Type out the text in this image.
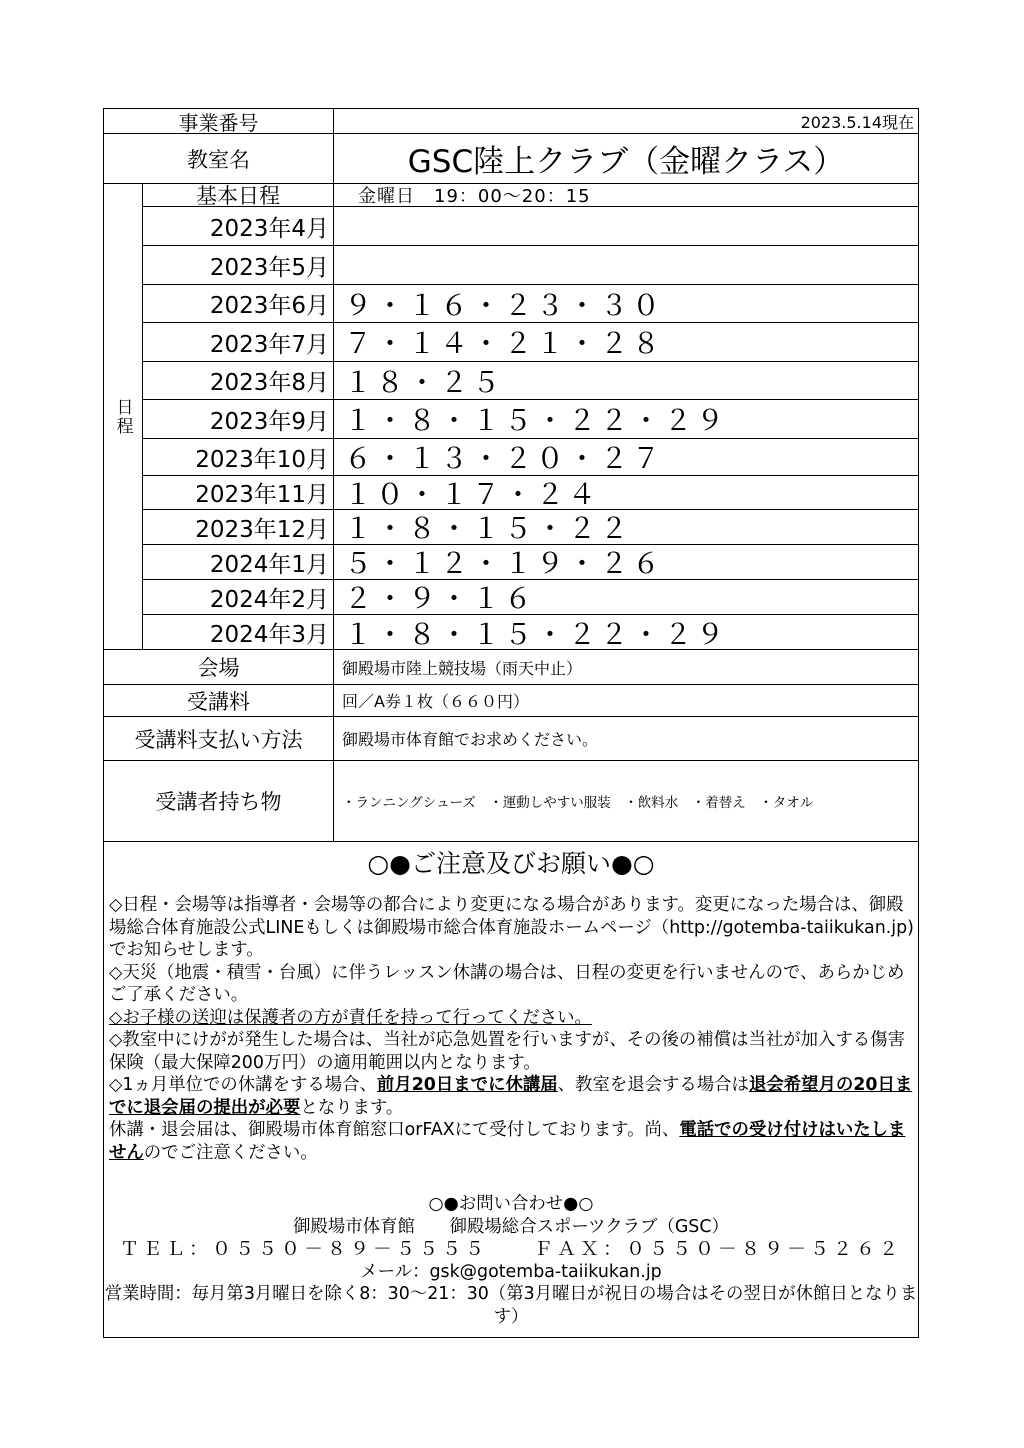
事業番号	2023.5.14現在
教室名	GSC陸上クラブ（金曜クラス）
日程
基本日程	金曜日　19：00～20：15
2023年4月
2023年5月
2023年6月 ９・１６・２３・３０
2023年7月 ７・１４・２１・２８
2023年8月 １８・２５
2023年9月 １・８・１５・２２・２９
2023年10月 ６・１３・２０・２７
2023年11月 １０・１７・２４
2023年12月 １・８・１５・２２
2024年1月 ５・１２・１９・２６
2024年2月 ２・９・１６
2024年3月 １・８・１５・２２・２９
会場	御殿場市陸上競技場（雨天中止）
受講料	回／A券１枚（６６０円）
受講料支払い方法	御殿場市体育館でお求めください。
受講者持ち物	・ランニングシューズ　・運動しやすい服装　・飲料水　・着替え　・タオル
○●ご注意及びお願い●○

◇日程・会場等は指導者・会場等の都合により変更になる場合があります。変更になった場合は、御殿場総合体育施設公式LINEもしくは御殿場市総合体育施設ホームページ（http://gotemba-taiikukan.jp)でお知らせします。

◇天災（地震・積雪・台風）に伴うレッスン休講の場合は、日程の変更を行いませんので、あらかじめご了承ください。

◇お子様の送迎は保護者の方が責任を持って行ってください。

◇教室中にけがが発生した場合は、当社が応急処置を行いますが、その後の補償は当社が加入する傷害保険（最大保障200万円）の適用範囲以内となります。

◇1ヵ月単位での休講をする場合、前月20日までに休講届、教室を退会する場合は退会希望月の20日までに退会届の提出が必要となります。

休講・退会届は、御殿場市体育館窓口orFAXにて受付しております。尚、電話での受け付けはいたしませんのでご注意ください。

○●お問い合わせ●○

御殿場市体育館　　御殿場総合スポーツクラブ（GSC）

ＴＥＬ：０５５０－８９－５５５５　　ＦＡＸ：０５５０－８９－５２６２

メール：gsk@gotemba-taiikukan.jp

営業時間：毎月第3月曜日を除く8：30～21：30（第3月曜日が祝日の場合はその翌日が休館日となります）
